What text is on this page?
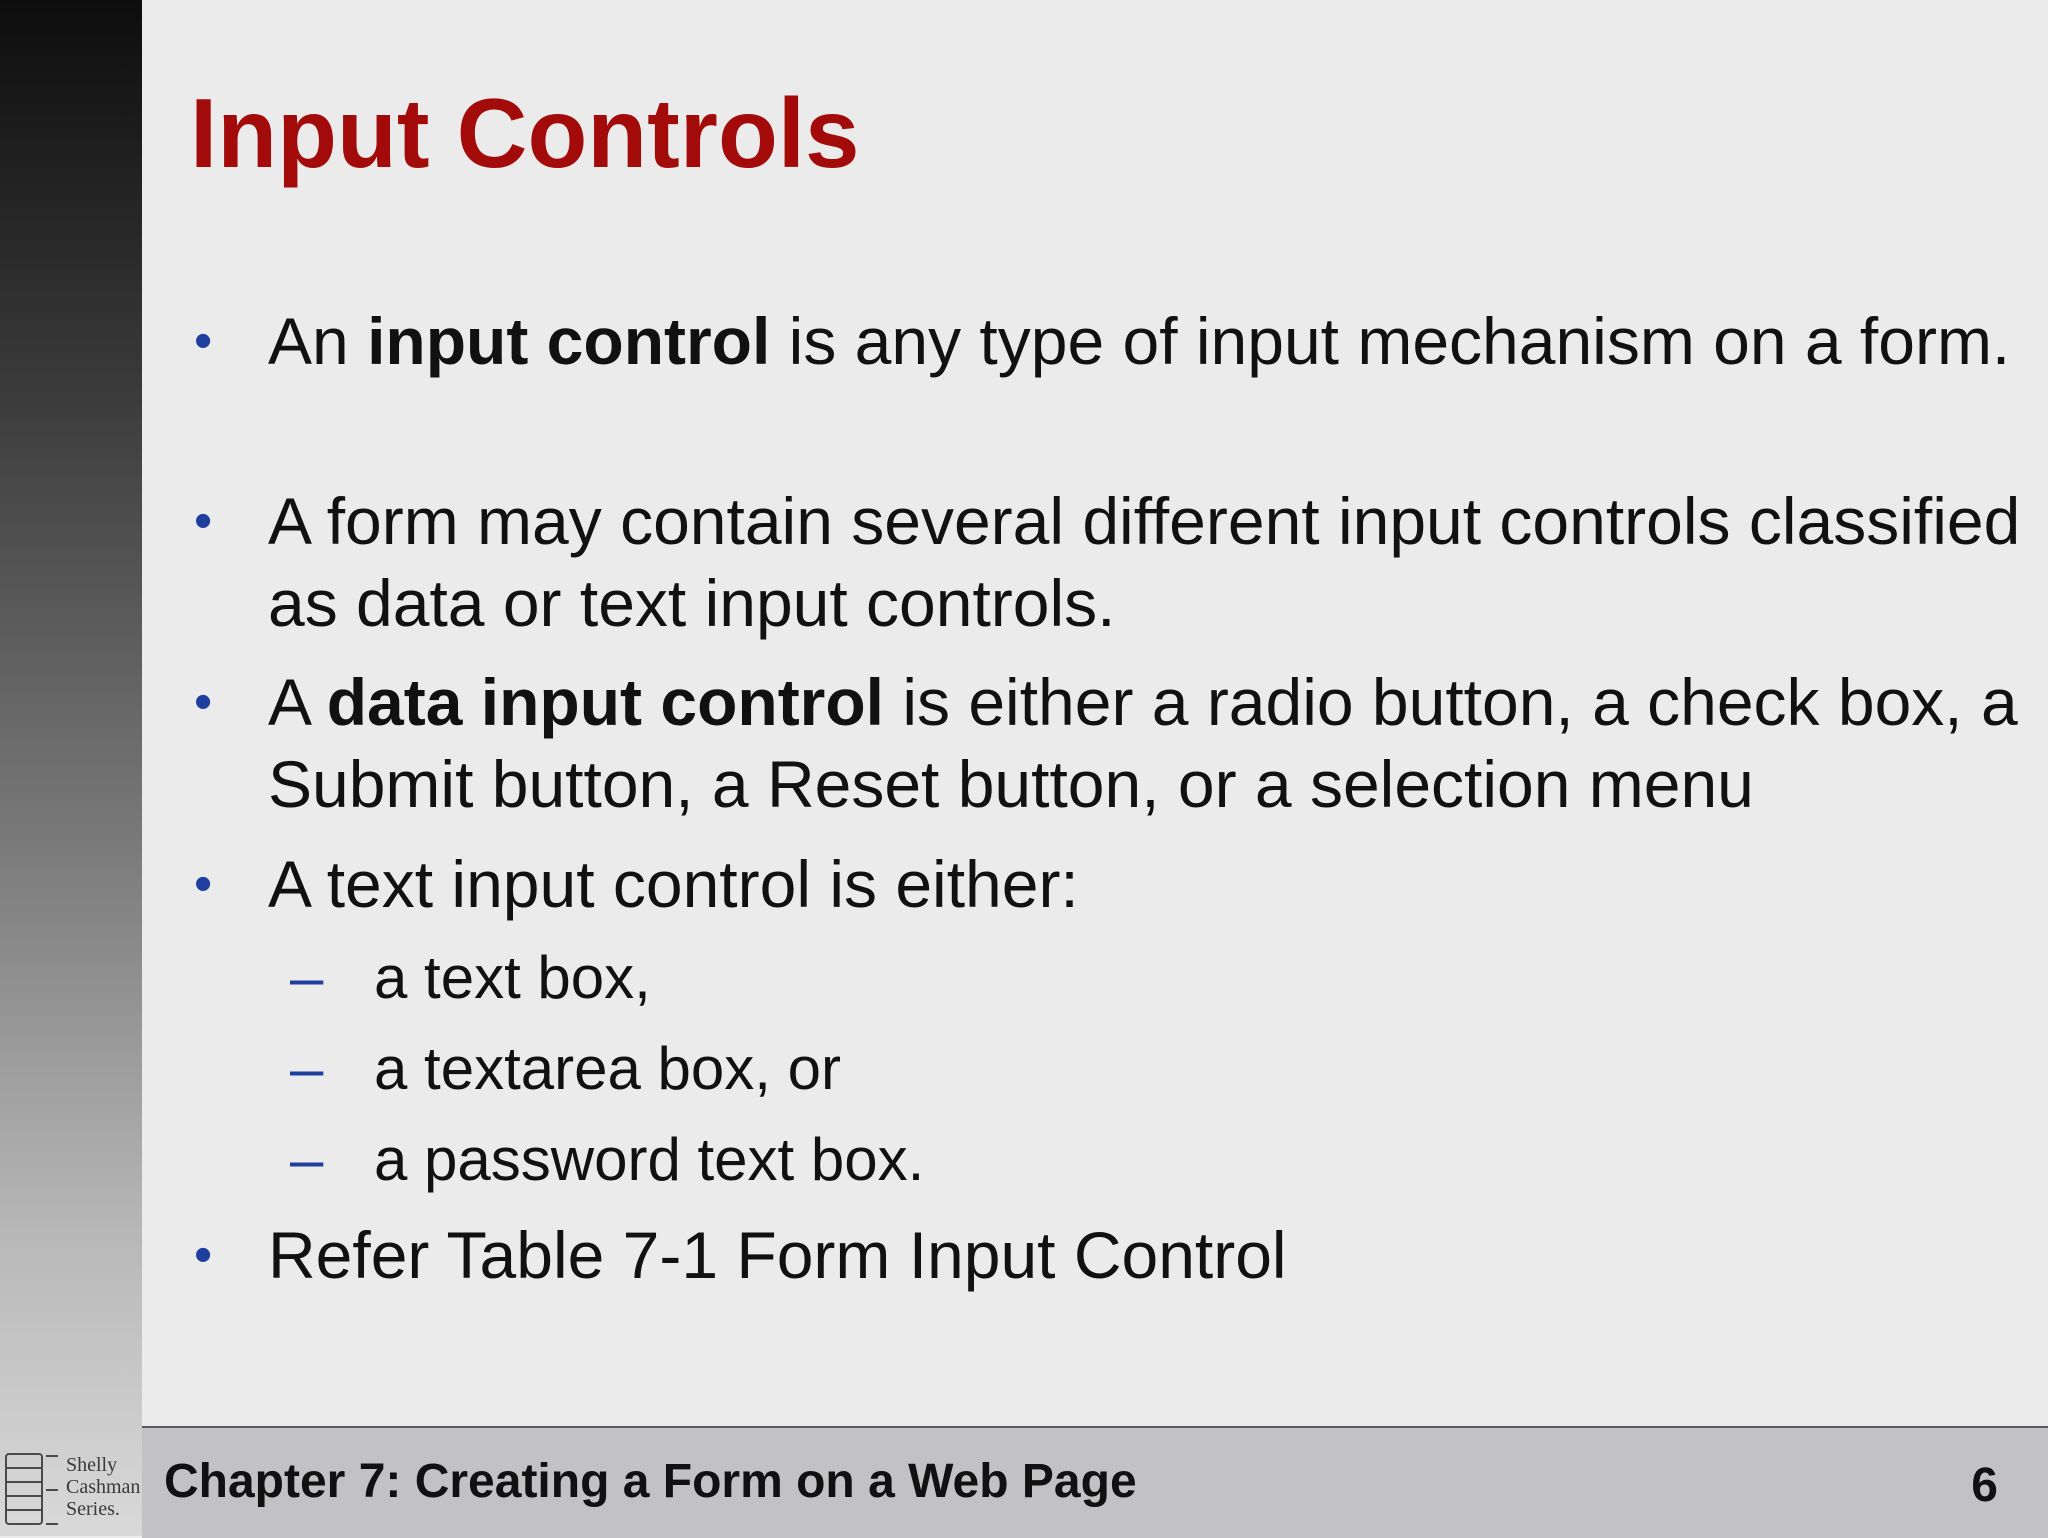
Input Controls
• An input control is any type of input mechanism on a form.
• A form may contain several different input controls classified as data or text input controls.
• A data input control is either a radio button, a check box, a Submit button, a Reset button, or a selection menu
• A text input control is either:
– a text box,
– a textarea box, or
– a password text box.
• Refer Table 7-1 Form Input Control
Chapter 7: Creating a Form on a Web Page	6
Shelly
Cashman
Series.
